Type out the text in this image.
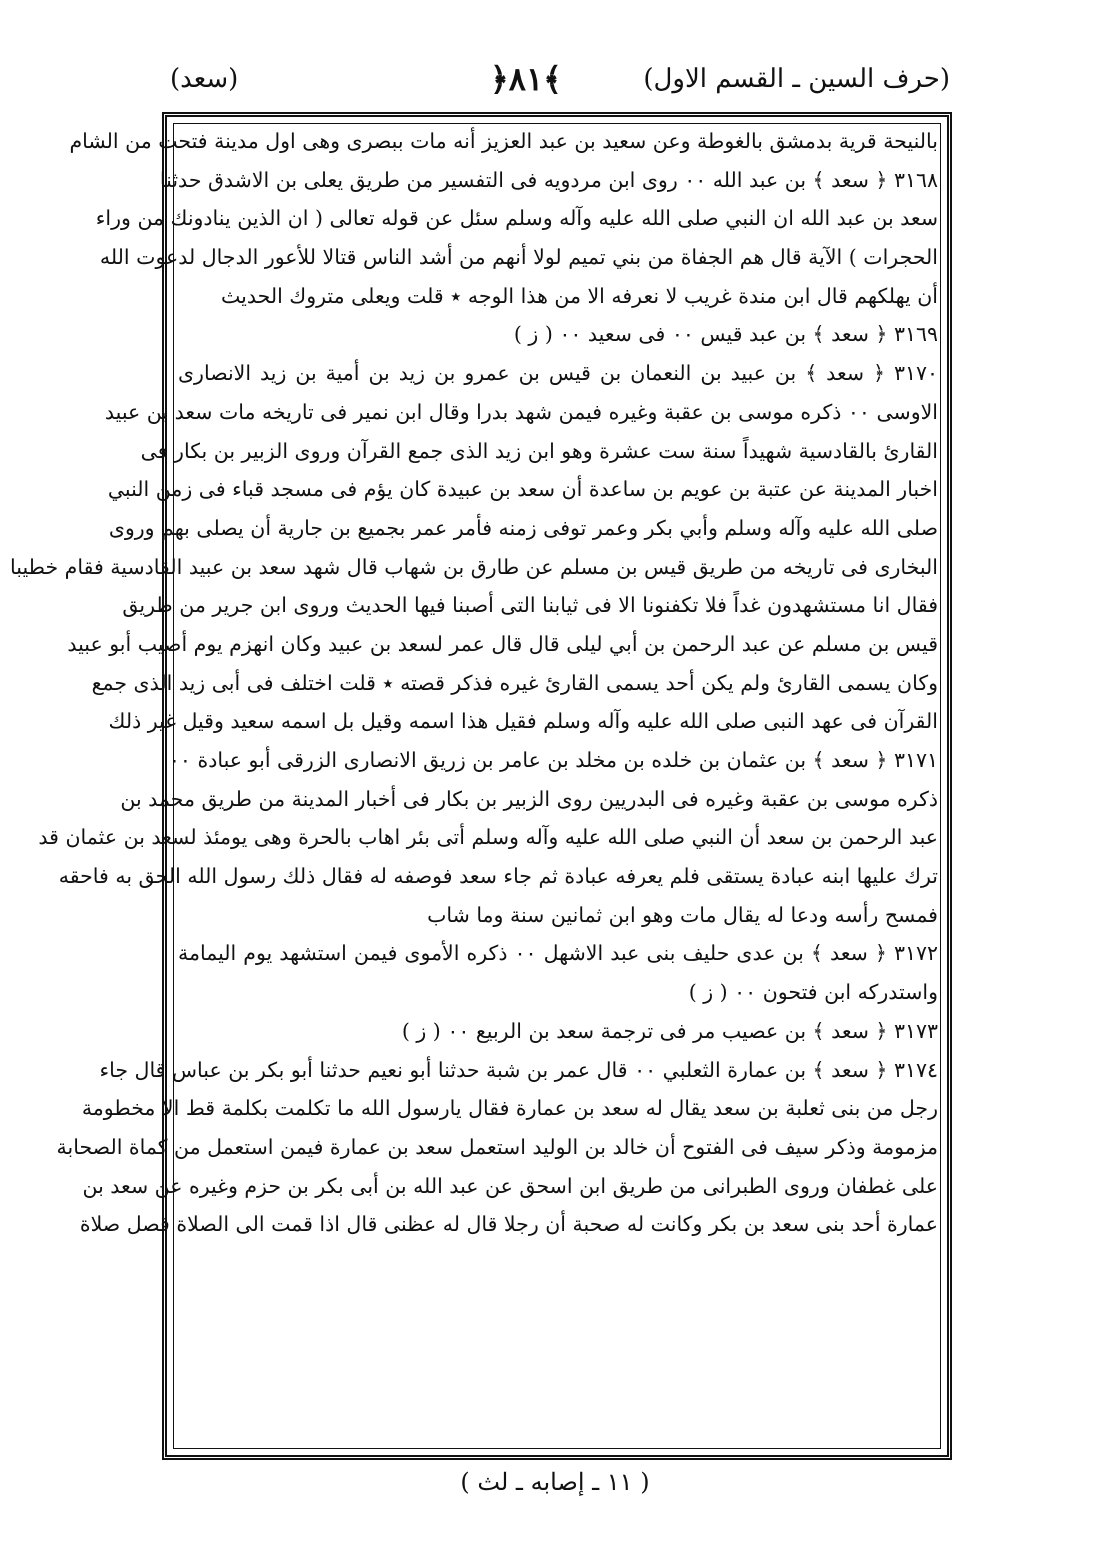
(حرف السين ـ القسم الاول)
﴿٨١﴾
(سعد)
بالنيحة قرية بدمشق بالغوطة وعن سعيد بن عبد العزيز أنه مات ببصرى وهى اول مدينة فتحت من الشام
٣١٦٨ ﴿ سعد ﴾ بن عبد الله ٠٠ روى ابن مردويه فى التفسير من طريق يعلى بن الاشدق حدثنا
سعد بن عبد الله ان النبي صلى الله عليه وآله وسلم سئل عن قوله تعالى ( ان الذين ينادونك من وراء
الحجرات ) الآية قال هم الجفاة من بني تميم لولا أنهم من أشد الناس قتالا للأعور الدجال لدعوت الله
أن يهلكهم قال ابن مندة غريب لا نعرفه الا من هذا الوجه ٭ قلت ويعلى متروك الحديث
٣١٦٩ ﴿ سعد ﴾ بن عبد قيس ٠٠ فى سعيد ٠٠ ( ز )
٣١٧٠ ﴿ سعد ﴾ بن عبيد بن النعمان بن قيس بن عمرو بن زيد بن أمية بن زيد الانصارى
الاوسى ٠٠ ذكره موسى بن عقبة وغيره فيمن شهد بدرا وقال ابن نمير فى تاريخه مات سعد بن عبيد
القارئ بالقادسية شهيداً سنة ست عشرة وهو ابن زيد الذى جمع القرآن وروى الزبير بن بكار فى
اخبار المدينة عن عتبة بن عويم بن ساعدة أن سعد بن عبيدة كان يؤم فى مسجد قباء فى زمن النبي
صلى الله عليه وآله وسلم وأبي بكر وعمر توفى زمنه فأمر عمر بجميع بن جارية أن يصلى بهم وروى
البخارى فى تاريخه من طريق قيس بن مسلم عن طارق بن شهاب قال شهد سعد بن عبيد القادسية فقام خطيبا
فقال انا مستشهدون غداً فلا تكفنونا الا فى ثيابنا التى أصبنا فيها الحديث وروى ابن جرير من طريق
قيس بن مسلم عن عبد الرحمن بن أبي ليلى قال قال عمر لسعد بن عبيد وكان انهزم يوم أصيب أبو عبيد
وكان يسمى القارئ ولم يكن أحد يسمى القارئ غيره فذكر قصته ٭ قلت اختلف فى أبى زيد الذى جمع
القرآن فى عهد النبى صلى الله عليه وآله وسلم فقيل هذا اسمه وقيل بل اسمه سعيد وقيل غير ذلك
٣١٧١ ﴿ سعد ﴾ بن عثمان بن خلده بن مخلد بن عامر بن زريق الانصارى الزرقى أبو عبادة ٠٠
ذكره موسى بن عقبة وغيره فى البدريين روى الزبير بن بكار فى أخبار المدينة من طريق محمد بن
عبد الرحمن بن سعد أن النبي صلى الله عليه وآله وسلم أتى بئر اهاب بالحرة وهى يومئذ لسعد بن عثمان قد
ترك عليها ابنه عبادة يستقى فلم يعرفه عبادة ثم جاء سعد فوصفه له فقال ذلك رسول الله الحق به فاحقه
فمسح رأسه ودعا له يقال مات وهو ابن ثمانين سنة وما شاب
٣١٧٢ ﴿ سعد ﴾ بن عدى حليف بنى عبد الاشهل ٠٠ ذكره الأموى فيمن استشهد يوم اليمامة
واستدركه ابن فتحون ٠٠ ( ز )
٣١٧٣ ﴿ سعد ﴾ بن عصيب مر فى ترجمة سعد بن الربيع ٠٠ ( ز )
٣١٧٤ ﴿ سعد ﴾ بن عمارة الثعلبي ٠٠ قال عمر بن شبة حدثنا أبو نعيم حدثنا أبو بكر بن عباس قال جاء
رجل من بنى ثعلبة بن سعد يقال له سعد بن عمارة فقال يارسول الله ما تكلمت بكلمة قط الا مخطومة
مزمومة وذكر سيف فى الفتوح أن خالد بن الوليد استعمل سعد بن عمارة فيمن استعمل من كماة الصحابة
على غطفان وروى الطبرانى من طريق ابن اسحق عن عبد الله بن أبى بكر بن حزم وغيره عن سعد بن
عمارة أحد بنى سعد بن بكر وكانت له صحبة أن رجلا قال له عظنى قال اذا قمت الى الصلاة فصل صلاة
( ١١ ـ إصابه ـ لث )
